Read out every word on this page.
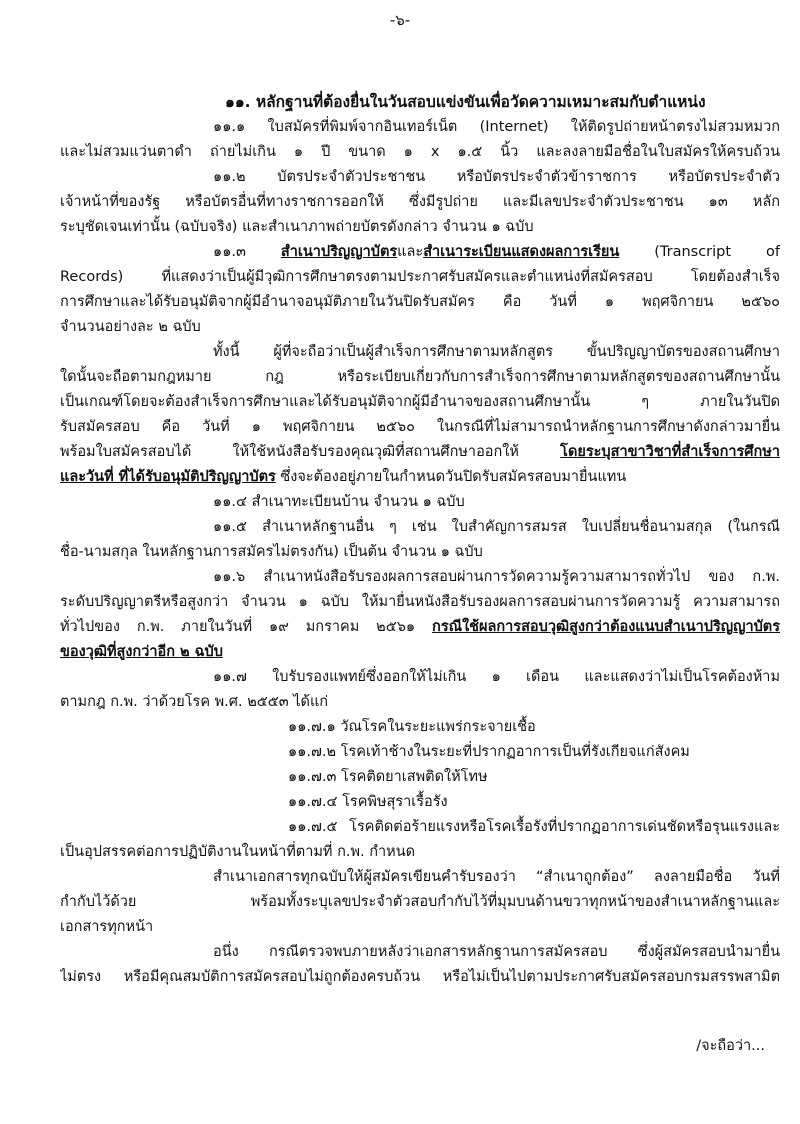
-๖-
๑๑. หลักฐานที่ต้องยื่นในวันสอบแข่งขันเพื่อวัดความเหมาะสมกับตำแหน่ง
๑๑.๑ ใบสมัครที่พิมพ์จากอินเทอร์เน็ต (Internet) ให้ติดรูปถ่ายหน้าตรงไม่สวมหมวก
และไม่สวมแว่นตาดำ ถ่ายไม่เกิน ๑ ปี ขนาด ๑ x ๑.๕ นิ้ว และลงลายมือชื่อในใบสมัครให้ครบถ้วน
๑๑.๒ บัตรประจำตัวประชาชน หรือบัตรประจำตัวข้าราชการ หรือบัตรประจำตัว
เจ้าหน้าที่ของรัฐ หรือบัตรอื่นที่ทางราชการออกให้ ซึ่งมีรูปถ่าย และมีเลขประจำตัวประชาชน ๑๓ หลัก
ระบุชัดเจนเท่านั้น (ฉบับจริง) และสำเนาภาพถ่ายบัตรดังกล่าว จำนวน ๑ ฉบับ
๑๑.๓ สำเนาปริญญาบัตรและสำเนาระเบียนแสดงผลการเรียน (Transcript of
Records) ที่แสดงว่าเป็นผู้มีวุฒิการศึกษาตรงตามประกาศรับสมัครและตำแหน่งที่สมัครสอบ โดยต้องสำเร็จ
การศึกษาและได้รับอนุมัติจากผู้มีอำนาจอนุมัติภายในวันปิดรับสมัคร คือ วันที่ ๑ พฤศจิกายน ๒๕๖๐
จำนวนอย่างละ ๒ ฉบับ
ทั้งนี้ ผู้ที่จะถือว่าเป็นผู้สำเร็จการศึกษาตามหลักสูตร ขั้นปริญญาบัตรของสถานศึกษา
ใดนั้นจะถือตามกฎหมาย กฎ หรือระเบียบเกี่ยวกับการสำเร็จการศึกษาตามหลักสูตรของสถานศึกษานั้น
เป็นเกณฑ์โดยจะต้องสำเร็จการศึกษาและได้รับอนุมัติจากผู้มีอำนาจของสถานศึกษานั้น ๆ ภายในวันปิด
รับสมัครสอบ คือ วันที่ ๑ พฤศจิกายน ๒๕๖๐ ในกรณีที่ไม่สามารถนำหลักฐานการศึกษาดังกล่าวมายื่น
พร้อมใบสมัครสอบได้ ให้ใช้หนังสือรับรองคุณวุฒิที่สถานศึกษาออกให้ โดยระบุสาขาวิชาที่สำเร็จการศึกษา
และวันที่ ที่ได้รับอนุมัติปริญญาบัตร ซึ่งจะต้องอยู่ภายในกำหนดวันปิดรับสมัครสอบมายื่นแทน
๑๑.๔ สำเนาทะเบียนบ้าน จำนวน ๑ ฉบับ
๑๑.๕ สำเนาหลักฐานอื่น ๆ เช่น ใบสำคัญการสมรส ใบเปลี่ยนชื่อนามสกุล (ในกรณี
ชื่อ-นามสกุล ในหลักฐานการสมัครไม่ตรงกัน) เป็นต้น จำนวน ๑ ฉบับ
๑๑.๖ สำเนาหนังสือรับรองผลการสอบผ่านการวัดความรู้ความสามารถทั่วไป ของ ก.พ.
ระดับปริญญาตรีหรือสูงกว่า จำนวน ๑ ฉบับ ให้มายื่นหนังสือรับรองผลการสอบผ่านการวัดความรู้ ความสามารถ
ทั่วไปของ ก.พ. ภายในวันที่ ๑๙ มกราคม ๒๕๖๑ กรณีใช้ผลการสอบวุฒิสูงกว่าต้องแนบสำเนาปริญญาบัตร
ของวุฒิที่สูงกว่าอีก ๒ ฉบับ
๑๑.๗ ใบรับรองแพทย์ซึ่งออกให้ไม่เกิน ๑ เดือน และแสดงว่าไม่เป็นโรคต้องห้าม
ตามกฎ ก.พ. ว่าด้วยโรค พ.ศ. ๒๕๕๓ ได้แก่
๑๑.๗.๑ วัณโรคในระยะแพร่กระจายเชื้อ
๑๑.๗.๒ โรคเท้าช้างในระยะที่ปรากฏอาการเป็นที่รังเกียจแก่สังคม
๑๑.๗.๓ โรคติดยาเสพติดให้โทษ
๑๑.๗.๔ โรคพิษสุราเรื้อรัง
๑๑.๗.๕ โรคติดต่อร้ายแรงหรือโรคเรื้อรังที่ปรากฏอาการเด่นชัดหรือรุนแรงและ
เป็นอุปสรรคต่อการปฏิบัติงานในหน้าที่ตามที่ ก.พ. กำหนด
สำเนาเอกสารทุกฉบับให้ผู้สมัครเขียนคำรับรองว่า “สำเนาถูกต้อง” ลงลายมือชื่อ วันที่
กำกับไว้ด้วย พร้อมทั้งระบุเลขประจำตัวสอบกำกับไว้ที่มุมบนด้านขวาทุกหน้าของสำเนาหลักฐานและ
เอกสารทุกหน้า
อนึ่ง กรณีตรวจพบภายหลังว่าเอกสารหลักฐานการสมัครสอบ ซึ่งผู้สมัครสอบนำมายื่น
ไม่ตรง หรือมีคุณสมบัติการสมัครสอบไม่ถูกต้องครบถ้วน หรือไม่เป็นไปตามประกาศรับสมัครสอบกรมสรรพสามิต
/จะถือว่า...
